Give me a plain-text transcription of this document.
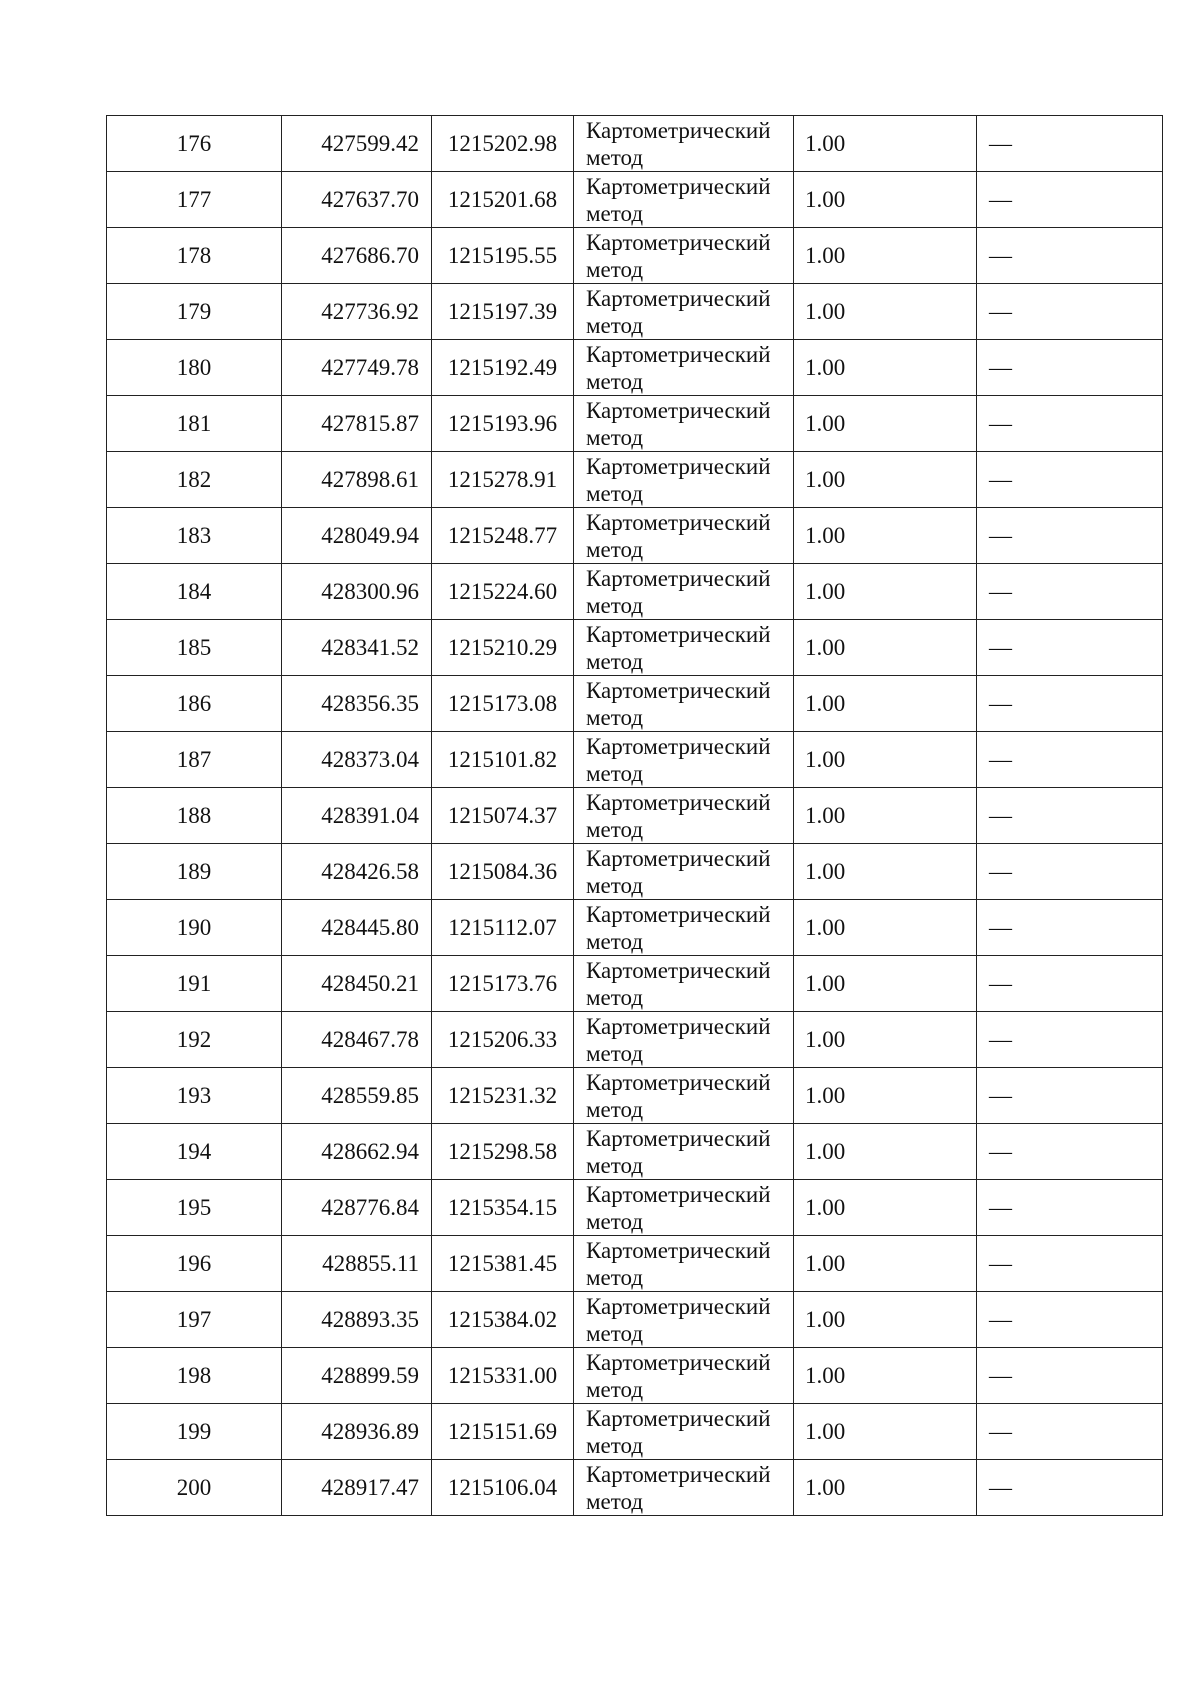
176	427599.42	1215202.98	Картометрический
метод	1.00	—
177	427637.70	1215201.68	Картометрический
метод	1.00	—
178	427686.70	1215195.55	Картометрический
метод	1.00	—
179	427736.92	1215197.39	Картометрический
метод	1.00	—
180	427749.78	1215192.49	Картометрический
метод	1.00	—
181	427815.87	1215193.96	Картометрический
метод	1.00	—
182	427898.61	1215278.91	Картометрический
метод	1.00	—
183	428049.94	1215248.77	Картометрический
метод	1.00	—
184	428300.96	1215224.60	Картометрический
метод	1.00	—
185	428341.52	1215210.29	Картометрический
метод	1.00	—
186	428356.35	1215173.08	Картометрический
метод	1.00	—
187	428373.04	1215101.82	Картометрический
метод	1.00	—
188	428391.04	1215074.37	Картометрический
метод	1.00	—
189	428426.58	1215084.36	Картометрический
метод	1.00	—
190	428445.80	1215112.07	Картометрический
метод	1.00	—
191	428450.21	1215173.76	Картометрический
метод	1.00	—
192	428467.78	1215206.33	Картометрический
метод	1.00	—
193	428559.85	1215231.32	Картометрический
метод	1.00	—
194	428662.94	1215298.58	Картометрический
метод	1.00	—
195	428776.84	1215354.15	Картометрический
метод	1.00	—
196	428855.11	1215381.45	Картометрический
метод	1.00	—
197	428893.35	1215384.02	Картометрический
метод	1.00	—
198	428899.59	1215331.00	Картометрический
метод	1.00	—
199	428936.89	1215151.69	Картометрический
метод	1.00	—
200	428917.47	1215106.04	Картометрический
метод	1.00	—
